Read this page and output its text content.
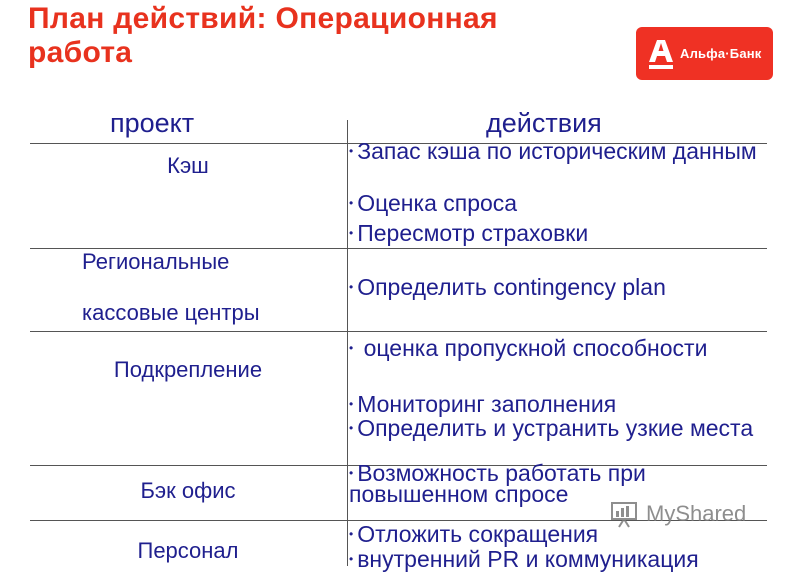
План действий: Операционная
работа	Альфа·Банк
проект	действия
Кэш

• Запас кэша по историческим данным

• Оценка спроса

• Пересмотр страховки

Региональные
кассовые центры

• Определить contingency plan

Подкрепление

• оценка пропускной способности

• Мониторинг заполнения

• Определить и устранить узкие места

Бэк офис

• Возможность работать при повышенном спросе

Персонал

• Отложить сокращения

• внутренний PR и коммуникация

MyShared
